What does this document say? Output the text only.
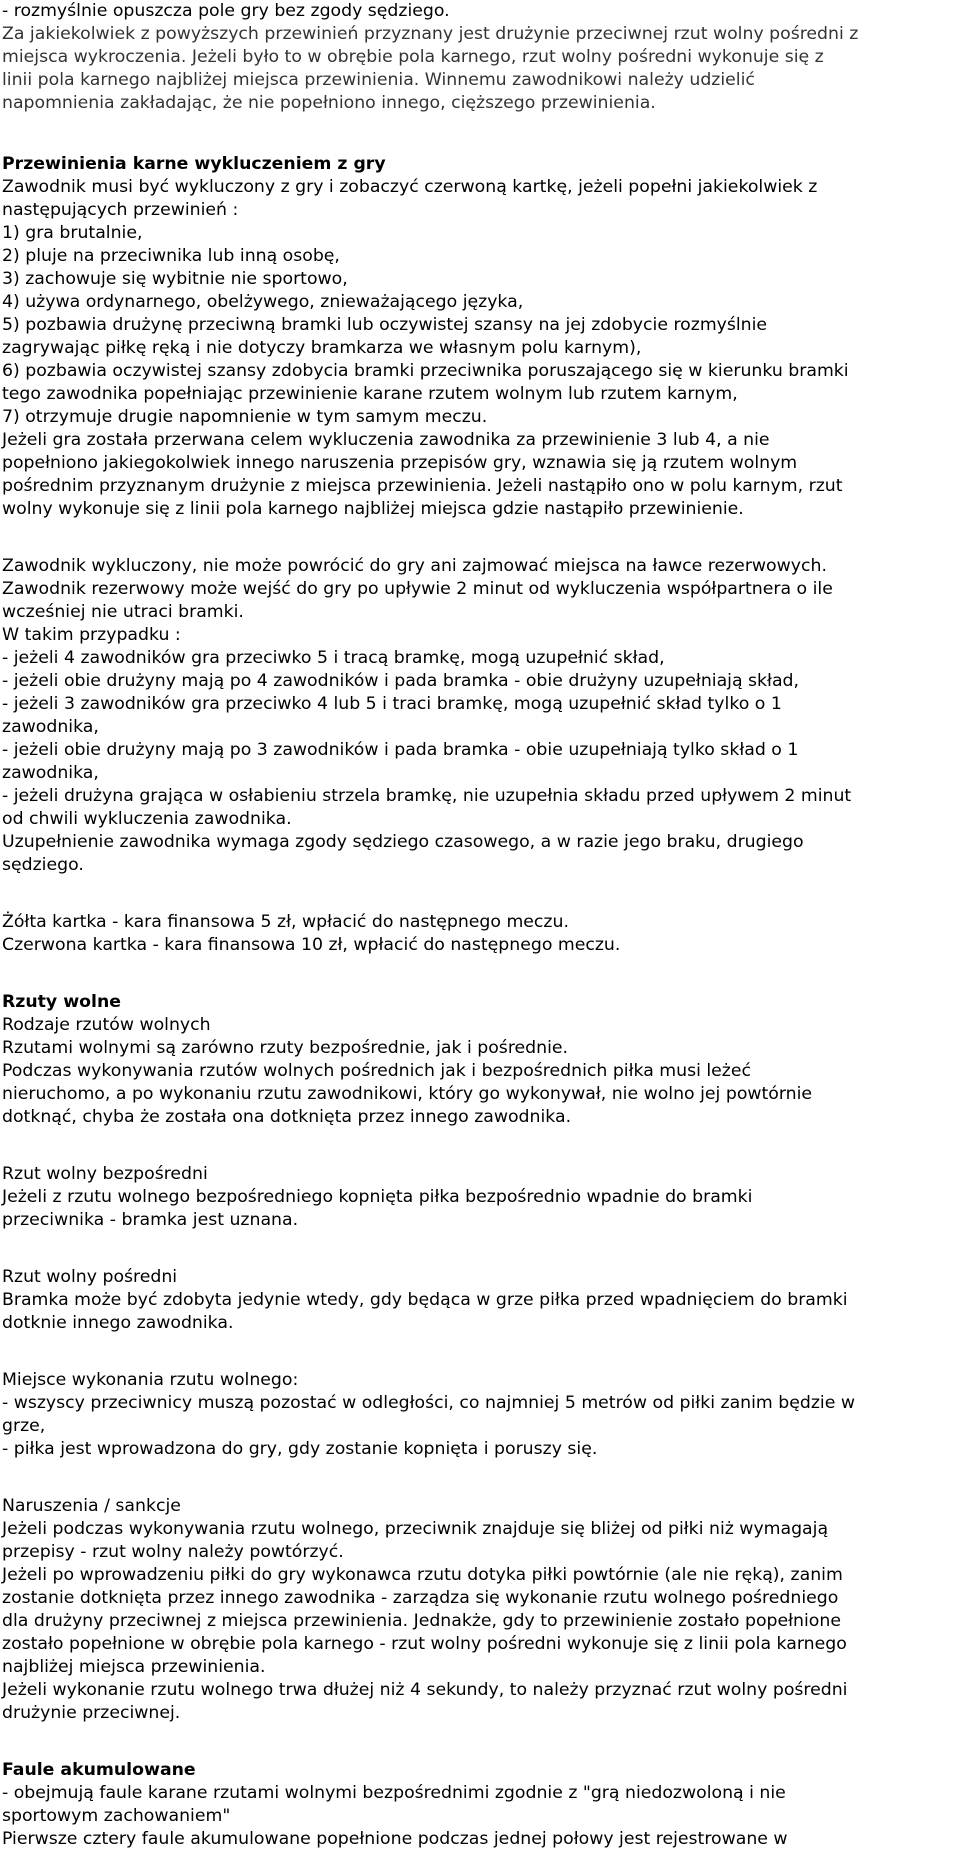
- rozmyślnie opuszcza pole gry bez zgody sędziego.
Za jakiekolwiek z powyższych przewinień przyznany jest drużynie przeciwnej rzut wolny pośredni z
miejsca wykroczenia. Jeżeli było to w obrębie pola karnego, rzut wolny pośredni wykonuje się z
linii pola karnego najbliżej miejsca przewinienia. Winnemu zawodnikowi należy udzielić
napomnienia zakładając, że nie popełniono innego, cięższego przewinienia.
Przewinienia karne wykluczeniem z gry
Zawodnik musi być wykluczony z gry i zobaczyć czerwoną kartkę, jeżeli popełni jakiekolwiek z
następujących przewinień :
1) gra brutalnie,
2) pluje na przeciwnika lub inną osobę,
3) zachowuje się wybitnie nie sportowo,
4) używa ordynarnego, obelżywego, znieważającego języka,
5) pozbawia drużynę przeciwną bramki lub oczywistej szansy na jej zdobycie rozmyślnie
zagrywając piłkę ręką i nie dotyczy bramkarza we własnym polu karnym),
6) pozbawia oczywistej szansy zdobycia bramki przeciwnika poruszającego się w kierunku bramki
tego zawodnika popełniając przewinienie karane rzutem wolnym lub rzutem karnym,
7) otrzymuje drugie napomnienie w tym samym meczu.
Jeżeli gra została przerwana celem wykluczenia zawodnika za przewinienie 3 lub 4, a nie
popełniono jakiegokolwiek innego naruszenia przepisów gry, wznawia się ją rzutem wolnym
pośrednim przyznanym drużynie z miejsca przewinienia. Jeżeli nastąpiło ono w polu karnym, rzut
wolny wykonuje się z linii pola karnego najbliżej miejsca gdzie nastąpiło przewinienie.
Zawodnik wykluczony, nie może powrócić do gry ani zajmować miejsca na ławce rezerwowych.
Zawodnik rezerwowy może wejść do gry po upływie 2 minut od wykluczenia współpartnera o ile
wcześniej nie utraci bramki.
W takim przypadku :
- jeżeli 4 zawodników gra przeciwko 5 i tracą bramkę, mogą uzupełnić skład,
- jeżeli obie drużyny mają po 4 zawodników i pada bramka - obie drużyny uzupełniają skład,
- jeżeli 3 zawodników gra przeciwko 4 lub 5 i traci bramkę, mogą uzupełnić skład tylko o 1
zawodnika,
- jeżeli obie drużyny mają po 3 zawodników i pada bramka - obie uzupełniają tylko skład o 1
zawodnika,
- jeżeli drużyna grająca w osłabieniu strzela bramkę, nie uzupełnia składu przed upływem 2 minut
od chwili wykluczenia zawodnika.
Uzupełnienie zawodnika wymaga zgody sędziego czasowego, a w razie jego braku, drugiego
sędziego.
Żółta kartka - kara finansowa 5 zł, wpłacić do następnego meczu.
Czerwona kartka - kara finansowa 10 zł, wpłacić do następnego meczu.
Rzuty wolne
Rodzaje rzutów wolnych
Rzutami wolnymi są zarówno rzuty bezpośrednie, jak i pośrednie.
Podczas wykonywania rzutów wolnych pośrednich jak i bezpośrednich piłka musi leżeć
nieruchomo, a po wykonaniu rzutu zawodnikowi, który go wykonywał, nie wolno jej powtórnie
dotknąć, chyba że została ona dotknięta przez innego zawodnika.
Rzut wolny bezpośredni
Jeżeli z rzutu wolnego bezpośredniego kopnięta piłka bezpośrednio wpadnie do bramki
przeciwnika - bramka jest uznana.
Rzut wolny pośredni
Bramka może być zdobyta jedynie wtedy, gdy będąca w grze piłka przed wpadnięciem do bramki
dotknie innego zawodnika.
Miejsce wykonania rzutu wolnego:
- wszyscy przeciwnicy muszą pozostać w odległości, co najmniej 5 metrów od piłki zanim będzie w
grze,
- piłka jest wprowadzona do gry, gdy zostanie kopnięta i poruszy się.
Naruszenia / sankcje
Jeżeli podczas wykonywania rzutu wolnego, przeciwnik znajduje się bliżej od piłki niż wymagają
przepisy - rzut wolny należy powtórzyć.
Jeżeli po wprowadzeniu piłki do gry wykonawca rzutu dotyka piłki powtórnie (ale nie ręką), zanim
zostanie dotknięta przez innego zawodnika - zarządza się wykonanie rzutu wolnego pośredniego
dla drużyny przeciwnej z miejsca przewinienia. Jednakże, gdy to przewinienie zostało popełnione
zostało popełnione w obrębie pola karnego - rzut wolny pośredni wykonuje się z linii pola karnego
najbliżej miejsca przewinienia.
Jeżeli wykonanie rzutu wolnego trwa dłużej niż 4 sekundy, to należy przyznać rzut wolny pośredni
drużynie przeciwnej.
Faule akumulowane
- obejmują faule karane rzutami wolnymi bezpośrednimi zgodnie z "grą niedozwoloną i nie
sportowym zachowaniem"
Pierwsze cztery faule akumulowane popełnione podczas jednej połowy jest rejestrowane w
